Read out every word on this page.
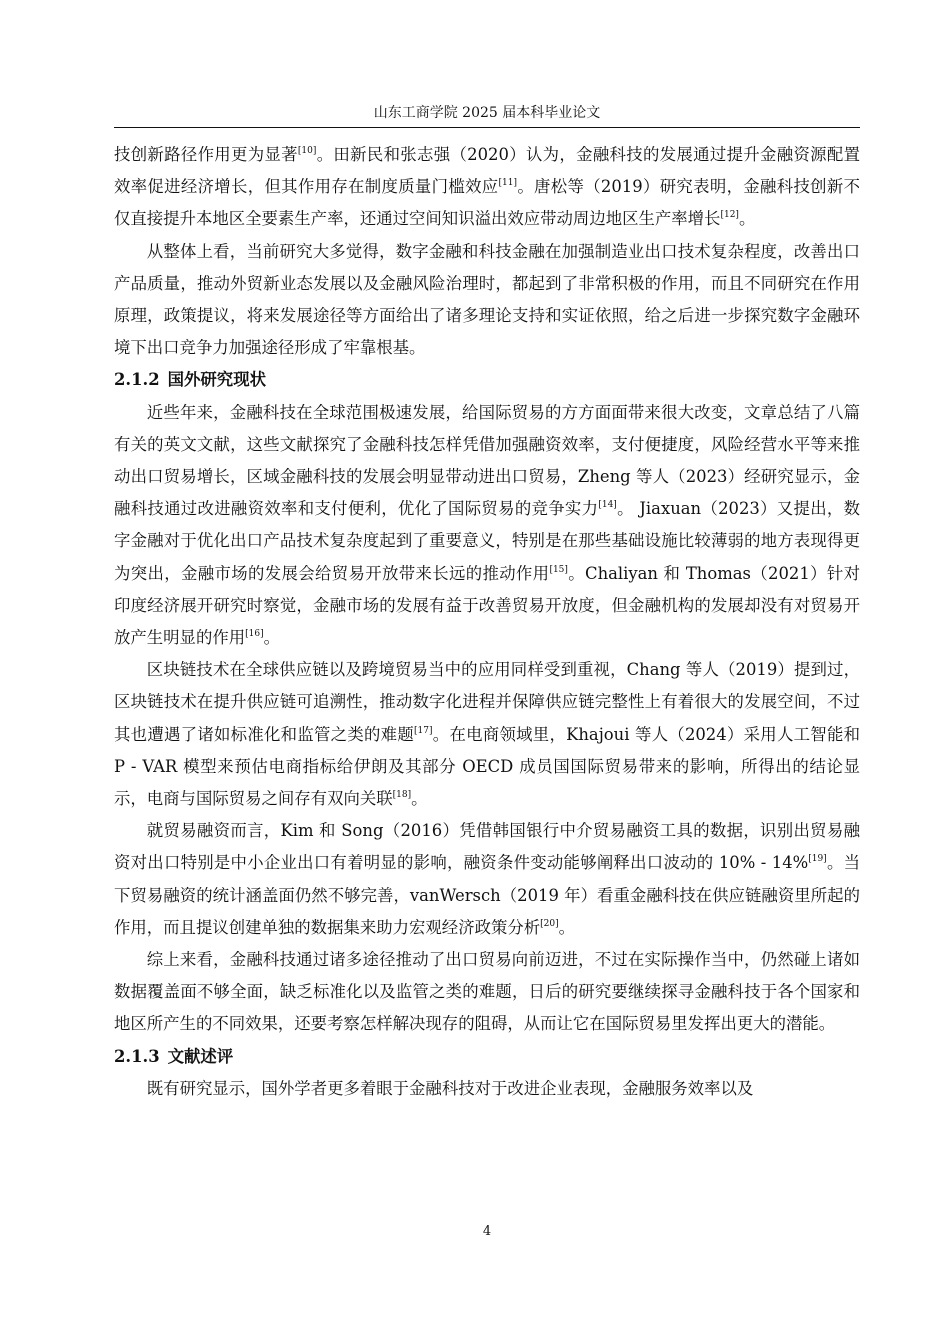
山东工商学院 2025 届本科毕业论文

技创新路径作用更为显著[10]。田新民和张志强（2020）认为，金融科技的发展通过提升金融资源配置效率促进经济增长，但其作用存在制度质量门槛效应[11]。唐松等（2019）研究表明，金融科技创新不仅直接提升本地区全要素生产率，还通过空间知识溢出效应带动周边地区生产率增长[12]。

从整体上看，当前研究大多觉得，数字金融和科技金融在加强制造业出口技术复杂程度，改善出口产品质量，推动外贸新业态发展以及金融风险治理时，都起到了非常积极的作用，而且不同研究在作用原理，政策提议，将来发展途径等方面给出了诸多理论支持和实证依照，给之后进一步探究数字金融环境下出口竞争力加强途径形成了牢靠根基。

2.1.2 国外研究现状

近些年来，金融科技在全球范围极速发展，给国际贸易的方方面面带来很大改变，文章总结了八篇有关的英文文献，这些文献探究了金融科技怎样凭借加强融资效率，支付便捷度，风险经营水平等来推动出口贸易增长，区域金融科技的发展会明显带动进出口贸易，Zheng 等人（2023）经研究显示，金融科技通过改进融资效率和支付便利，优化了国际贸易的竞争实力[14]。 Jiaxuan（2023）又提出，数字金融对于优化出口产品技术复杂度起到了重要意义，特别是在那些基础设施比较薄弱的地方表现得更为突出，金融市场的发展会给贸易开放带来长远的推动作用[15]。Chaliyan 和 Thomas（2021）针对印度经济展开研究时察觉，金融市场的发展有益于改善贸易开放度，但金融机构的发展却没有对贸易开放产生明显的作用[16]。

区块链技术在全球供应链以及跨境贸易当中的应用同样受到重视，Chang 等人（2019）提到过，区块链技术在提升供应链可追溯性，推动数字化进程并保障供应链完整性上有着很大的发展空间，不过其也遭遇了诸如标准化和监管之类的难题[17]。在电商领域里，Khajoui 等人（2024）采用人工智能和 P - VAR 模型来预估电商指标给伊朗及其部分 OECD 成员国国际贸易带来的影响，所得出的结论显示，电商与国际贸易之间存有双向关联[18]。

就贸易融资而言，Kim 和 Song（2016）凭借韩国银行中介贸易融资工具的数据，识别出贸易融资对出口特别是中小企业出口有着明显的影响，融资条件变动能够阐释出口波动的 10% - 14%[19]。当下贸易融资的统计涵盖面仍然不够完善，vanWersch（2019 年）看重金融科技在供应链融资里所起的作用，而且提议创建单独的数据集来助力宏观经济政策分析[20]。

综上来看，金融科技通过诸多途径推动了出口贸易向前迈进，不过在实际操作当中，仍然碰上诸如数据覆盖面不够全面，缺乏标准化以及监管之类的难题，日后的研究要继续探寻金融科技于各个国家和地区所产生的不同效果，还要考察怎样解决现存的阻碍，从而让它在国际贸易里发挥出更大的潜能。

2.1.3 文献述评

既有研究显示，国外学者更多着眼于金融科技对于改进企业表现，金融服务效率以及

4
